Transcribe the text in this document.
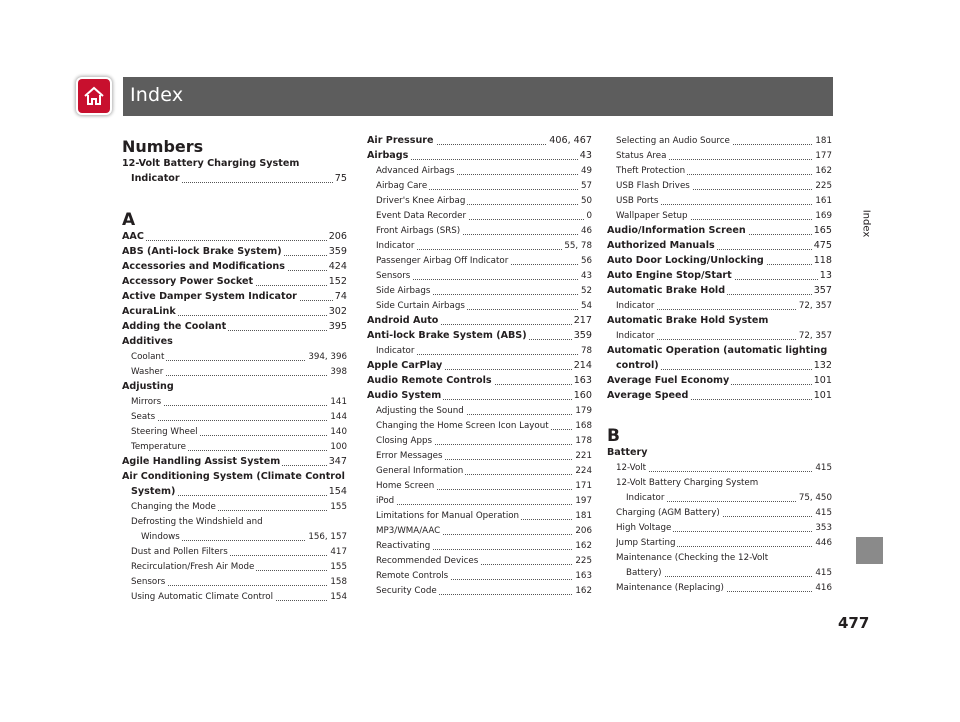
Index
Index
477
Numbers
12-Volt Battery Charging System
Indicator	75
A
AAC	206
ABS (Anti-lock Brake System)	359
Accessories and Modifications	424
Accessory Power Socket	152
Active Damper System Indicator	74
AcuraLink	302
Adding the Coolant	395
Additives
Coolant	394, 396
Washer	398
Adjusting
Mirrors	141
Seats	144
Steering Wheel	140
Temperature	100
Agile Handling Assist System	347
Air Conditioning System (Climate Control
System)	154
Changing the Mode	155
Defrosting the Windshield and
Windows	156, 157
Dust and Pollen Filters	417
Recirculation/Fresh Air Mode	155
Sensors	158
Using Automatic Climate Control	154
Air Pressure	406, 467
Airbags	43
Advanced Airbags	49
Airbag Care	57
Driver's Knee Airbag	50
Event Data Recorder	0
Front Airbags (SRS)	46
Indicator	55, 78
Passenger Airbag Off Indicator	56
Sensors	43
Side Airbags	52
Side Curtain Airbags	54
Android Auto	217
Anti-lock Brake System (ABS)	359
Indicator	78
Apple CarPlay	214
Audio Remote Controls	163
Audio System	160
Adjusting the Sound	179
Changing the Home Screen Icon Layout	168
Closing Apps	178
Error Messages	221
General Information	224
Home Screen	171
iPod	197
Limitations for Manual Operation	181
MP3/WMA/AAC	206
Reactivating	162
Recommended Devices	225
Remote Controls	163
Security Code	162
Selecting an Audio Source	181
Status Area	177
Theft Protection	162
USB Flash Drives	225
USB Ports	161
Wallpaper Setup	169
Audio/Information Screen	165
Authorized Manuals	475
Auto Door Locking/Unlocking	118
Auto Engine Stop/Start	13
Automatic Brake Hold	357
Indicator	72, 357
Automatic Brake Hold System
Indicator	72, 357
Automatic Operation (automatic lighting
control)	132
Average Fuel Economy	101
Average Speed	101
B
Battery
12-Volt	415
12-Volt Battery Charging System
Indicator	75, 450
Charging (AGM Battery)	415
High Voltage	353
Jump Starting	446
Maintenance (Checking the 12-Volt
Battery)	415
Maintenance (Replacing)	416
